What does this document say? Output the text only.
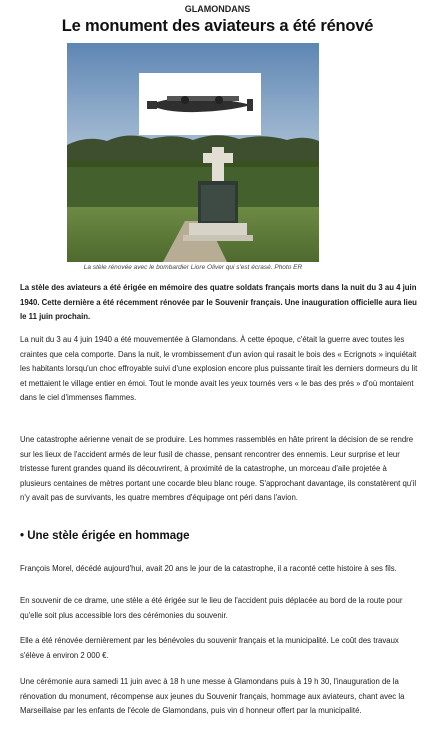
GLAMONDANS
Le monument des aviateurs a été rénové
La stèle rénovée avec le bombardier Liore Oliver qui s'est écrasé. Photo ER
La stèle des aviateurs a été érigée en mémoire des quatre soldats français morts dans la nuit du 3 au 4 juin 1940. Cette dernière a été récemment rénovée par le Souvenir français. Une inauguration officielle aura lieu le 11 juin prochain.
La nuit du 3 au 4 juin 1940 a été mouvementée à Glamondans. À cette époque, c'était la guerre avec toutes les craintes que cela comporte. Dans la nuit, le vrombissement d'un avion qui rasait le bois des « Ecrignots » inquiétait les habitants lorsqu'un choc effroyable suivi d'une explosion encore plus puissante tirait les derniers dormeurs du lit et mettaient le village entier en émoi. Tout le monde avait les yeux tournés vers « le bas des prés » d'où montaient dans le ciel d'immenses flammes.
Une catastrophe aérienne venait de se produire. Les hommes rassemblés en hâte prirent la décision de se rendre sur les lieux de l'accident armés de leur fusil de chasse, pensant rencontrer des ennemis. Leur surprise et leur tristesse furent grandes quand ils découvrirent, à proximité de la catastrophe, un morceau d'aile projetée à plusieurs centaines de mètres portant une cocarde bleu blanc rouge. S'approchant davantage, ils constatèrent qu'il n'y avait pas de survivants, les quatre membres d'équipage ont péri dans l'avion.
• Une stèle érigée en hommage
François Morel, décédé aujourd'hui, avait 20 ans le jour de la catastrophe, il a raconté cette histoire à ses fils.
En souvenir de ce drame, une stèle a été érigée sur le lieu de l'accident puis déplacée au bord de la route pour qu'elle soit plus accessible lors des cérémonies du souvenir.
Elle a été rénovée dernièrement par les bénévoles du souvenir français et la municipalité. Le coût des travaux s'élève à environ 2 000 €.
Une cérémonie aura samedi 11 juin avec à 18 h une messe à Glamondans puis à 19 h 30, l'inauguration de la rénovation du monument, récompense aux jeunes du Souvenir français, hommage aux aviateurs, chant avec la Marseillaise par les enfants de l'école de Glamondans, puis vin d honneur offert par la municipalité.
